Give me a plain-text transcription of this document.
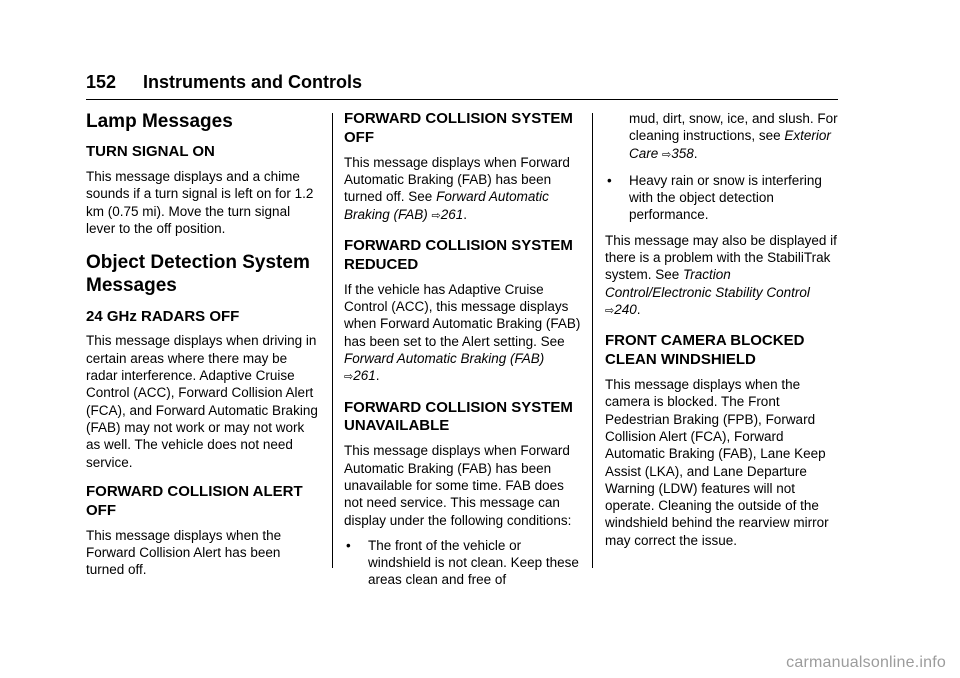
152 Instruments and Controls
Lamp Messages
TURN SIGNAL ON

This message displays and a chime sounds if a turn signal is left on for 1.2 km (0.75 mi). Move the turn signal lever to the off position.

Object Detection System Messages
24 GHz RADARS OFF

This message displays when driving in certain areas where there may be radar interference. Adaptive Cruise Control (ACC), Forward Collision Alert (FCA), and Forward Automatic Braking (FAB) may not work or may not work as well. The vehicle does not need service.

FORWARD COLLISION ALERT OFF

This message displays when the Forward Collision Alert has been turned off.

FORWARD COLLISION SYSTEM OFF

This message displays when Forward Automatic Braking (FAB) has been turned off. See Forward Automatic Braking (FAB) ⇨261.

FORWARD COLLISION SYSTEM REDUCED

If the vehicle has Adaptive Cruise Control (ACC), this message displays when Forward Automatic Braking (FAB) has been set to the Alert setting. See Forward Automatic Braking (FAB) ⇨261.

FORWARD COLLISION SYSTEM UNAVAILABLE

This message displays when Forward Automatic Braking (FAB) has been unavailable for some time. FAB does not need service. This message can display under the following conditions:

• The front of the vehicle or windshield is not clean. Keep these areas clean and free of

mud, dirt, snow, ice, and slush. For cleaning instructions, see Exterior Care ⇨358.

• Heavy rain or snow is interfering with the object detection performance.

This message may also be displayed if there is a problem with the StabiliTrak system. See Traction Control/Electronic Stability Control ⇨240.

FRONT CAMERA BLOCKED CLEAN WINDSHIELD

This message displays when the camera is blocked. The Front Pedestrian Braking (FPB), Forward Collision Alert (FCA), Forward Automatic Braking (FAB), Lane Keep Assist (LKA), and Lane Departure Warning (LDW) features will not operate. Cleaning the outside of the windshield behind the rearview mirror may correct the issue.

carmanualsonline.info
